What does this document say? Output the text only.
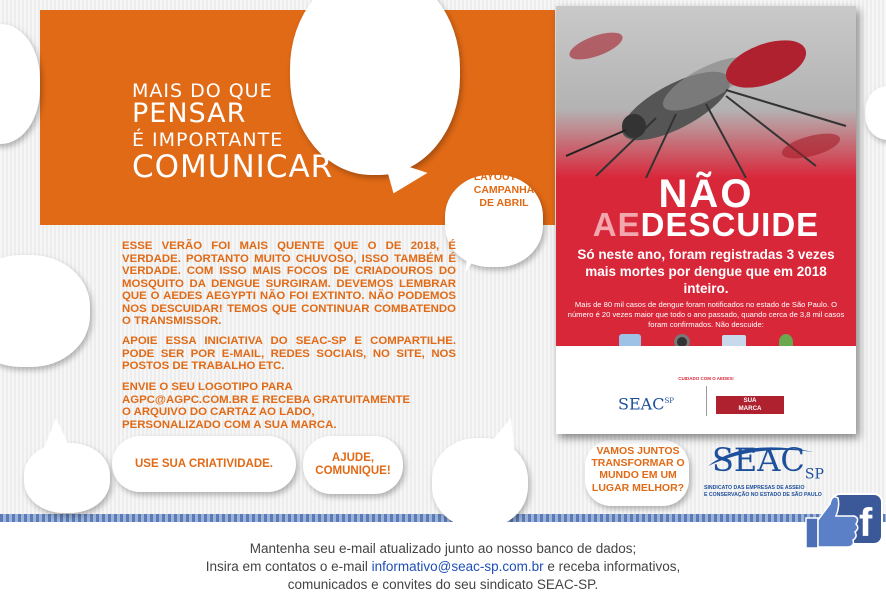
MAIS DO QUE
PENSAR
É IMPORTANTE
COMUNICAR	LAYOUT DA CAMPANHA DE ABRIL
ESSE VERÃO FOI MAIS QUENTE QUE O DE 2018, É VERDADE. PORTANTO MUITO CHUVOSO, ISSO TAMBÉM É VERDADE. COM ISSO MAIS FOCOS DE CRIADOUROS DO MOSQUITO DA DENGUE SURGIRAM. DEVEMOS LEMBRAR QUE O AEDES AEGYPTI NÃO FOI EXTINTO. NÃO PODEMOS NOS DESCUIDAR! TEMOS QUE CONTINUAR COMBATENDO O TRANSMISSOR.
APOIE ESSA INICIATIVA DO SEAC-SP E COMPARTILHE. PODE SER POR E-MAIL, REDES SOCIAIS, NO SITE, NOS POSTOS DE TRABALHO ETC.
ENVIE O SEU LOGOTIPO PARA AGPC@AGPC.COM.BR E RECEBA GRATUITAMENTE O ARQUIVO DO CARTAZ AO LADO, PERSONALIZADO COM A SUA MARCA.
USE SUA CRIATIVIDADE.	AJUDE,
COMUNIQUE!
VAMOS JUNTOS TRANSFORMAR O MUNDO EM UM LUGAR MELHOR?
NÃO
AEDESCUIDE
Só neste ano, foram registradas 3 vezes mais mortes por dengue que em 2018 inteiro.
Mais de 80 mil casos de dengue foram notificados no estado de São Paulo. O número é 20 vezes maior que todo o ano passado, quando cerca de 3,8 mil casos foram confirmados. Não descuide:
CUIDADO COM O AEDES!
$SEAC^{SP}$	SUA
MARCA
$SEAC_{SP}$
SINDICATO DAS EMPRESAS DE ASSEIO
E CONSERVAÇÃO NO ESTADO DE SÃO PAULO
f
Mantenha seu e-mail atualizado junto ao nosso banco de dados;
Insira em contatos o e-mail informativo@seac-sp.com.br e receba informativos,
comunicados e convites do seu sindicato SEAC-SP.
